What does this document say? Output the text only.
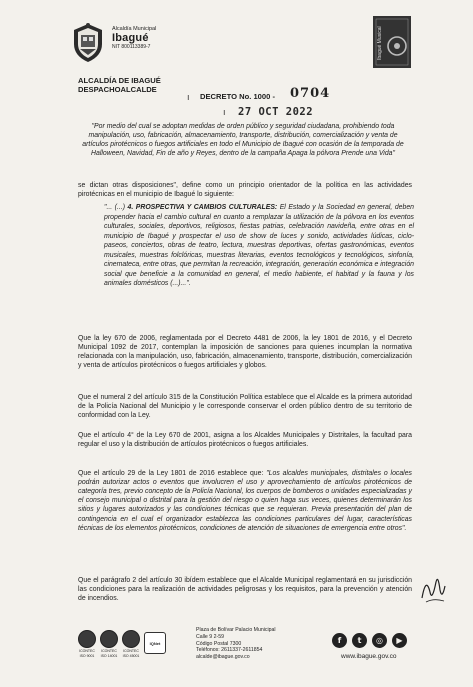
Alcaldía Municipal
Ibagué
NIT 800113389-7	Ibagué Musical
ALCALDÍA DE IBAGUÉ
DESPACHOALCALDE
ı DECRETO No. 1000 - 0704
ı 27 OCT 2022
"Por medio del cual se adoptan medidas de orden público y seguridad ciudadana, prohibiendo toda manipulación, uso, fabricación, almacenamiento, transporte, distribución, comercialización y venta de artículos pirotécnicos o fuegos artificiales en todo el Municipio de Ibagué con ocasión de la temporada de Halloween, Navidad, Fin de año y Reyes, dentro de la campaña Apaga la pólvora Prende una Vida"
se dictan otras disposiciones", define como un principio orientador de la política en las actividades pirotécnicas en el municipio de Ibagué lo siguiente:
"... (...) 4. PROSPECTIVA Y CAMBIOS CULTURALES: El Estado y la Sociedad en general, deben propender hacia el cambio cultural en cuanto a remplazar la utilización de la pólvora en los eventos culturales, sociales, deportivos, religiosos, fiestas patrias, celebración navideña, entre otras en el municipio de Ibagué y prospectar el uso de show de luces y sonido, actividades lúdicas, ciclo-paseos, conciertos, obras de teatro, lectura, muestras deportivas, ofertas gastronómicas, eventos musicales, muestras folclóricas, muestras literarias, eventos tecnológicos y tecnológicos, sinfonía, cinemateca, entre otras, que permitan la recreación, integración, generación económica e integración social que beneficie a la comunidad en general, el medio habiente, el habitad y la fauna y los animales domésticos (...)...".
Que la ley 670 de 2006, reglamentada por el Decreto 4481 de 2006, la ley 1801 de 2016, y el Decreto Municipal 1092 de 2017, contemplan la imposición de sanciones para quienes incumplan la normativa relacionada con la manipulación, uso, fabricación, almacenamiento, transporte, distribución, comercialización y venta de artículos pirotécnicos o fuegos artificiales y globos.
Que el numeral 2 del artículo 315 de la Constitución Política establece que el Alcalde es la primera autoridad de la Policía Nacional del Municipio y le corresponde conservar el orden público dentro de su territorio de conformidad con la Ley.
Que el artículo 4° de la Ley 670 de 2001, asigna a los Alcaldes Municipales y Distritales, la facultad para regular el uso y la distribución de artículos pirotécnicos o fuegos artificiales.
Que el artículo 29 de la Ley 1801 de 2016 establece que: "Los alcaldes municipales, distritales o locales podrán autorizar actos o eventos que involucren el uso y aprovechamiento de artículos pirotécnicos de categoría tres, previo concepto de la Policía Nacional, los cuerpos de bomberos o unidades especializadas y el consejo municipal o distrital para la gestión del riesgo o quien haga sus veces, quienes determinarán los sitios y lugares autorizados y las condiciones técnicas que se requieran. Previa presentación del plan de contingencia en el cual el organizador establezca las condiciones particulares del lugar, características técnicas de los elementos pirotécnicos, condiciones de atención de situaciones de emergencia entre otros".
Que el parágrafo 2 del artículo 30 ibídem establece que el Alcalde Municipal reglamentará en su jurisdicción las condiciones para la realización de actividades peligrosas y los requisitos, para la prevención y atención de incendios.
ICONTEC
ISO 9001
ICONTEC
ISO 14001
ICONTEC
ISO 45001
IQNet
Plaza de Bolívar Palacio Municipal
Calle 9 2-59
Código Postal 7300
Teléfonos: 2611337-2611854
alcalde@ibague.gov.co
f	t	◎	▶
www.ibague.gov.co
